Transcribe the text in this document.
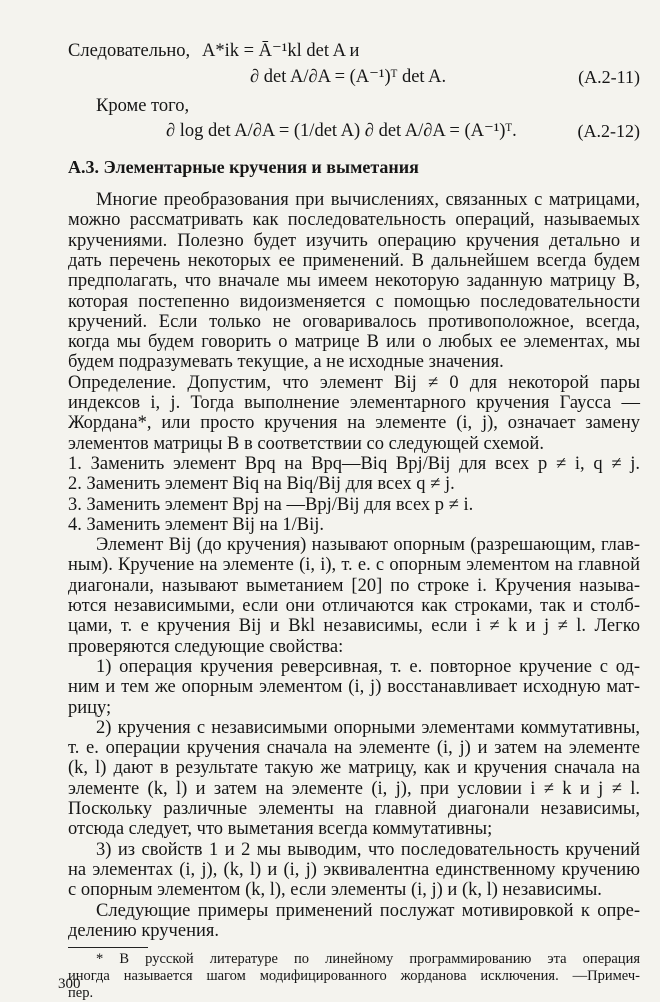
Следовательно, A*ik = Ā⁻¹kl det A и
∂ det A/∂A = (A⁻¹)ᵀ det A.	(A.2-11)
Кроме того,
∂ log det A/∂A = (1/det A) ∂ det A/∂A = (A⁻¹)ᵀ.	(A.2-12)
А.3. Элементарные кручения и выметания
Многие преобразования при вычислениях, связанных с матрицами,
можно рассматривать как последовательность операций, называемых
кручениями. Полезно будет изучить операцию кручения детально и
дать перечень некоторых ее применений. В дальнейшем всегда будем
предполагать, что вначале мы имеем некоторую заданную матрицу B,
которая постепенно видоизменяется с помощью последовательности
кручений. Если только не оговаривалось противоположное, всегда,
когда мы будем говорить о матрице B или о любых ее элементах, мы
будем подразумевать текущие, а не исходные значения.
Определение. Допустим, что элемент Bij ≠ 0 для некоторой пары
индексов i, j. Тогда выполнение элементарного кручения Гаусса —
Жордана*, или просто кручения на элементе (i, j), означает замену
элементов матрицы B в соответствии со следующей схемой.
1. Заменить элемент Bpq на Bpq—Biq Bpj/Bij для всех p ≠ i, q ≠ j.
2. Заменить элемент Biq на Biq/Bij для всех q ≠ j.
3. Заменить элемент Bpj на —Bpj/Bij для всех p ≠ i.
4. Заменить элемент Bij на 1/Bij.
Элемент Bij (до кручения) называют опорным (разрешающим, глав-
ным). Кручение на элементе (i, i), т. е. с опорным элементом на главной
диагонали, называют выметанием [20] по строке i. Кручения называ-
ются независимыми, если они отличаются как строками, так и столб-
цами, т. е кручения Bij и Bkl независимы, если i ≠ k и j ≠ l. Легко
проверяются следующие свойства:
1) операция кручения реверсивная, т. е. повторное кручение с од-
ним и тем же опорным элементом (i, j) восстанавливает исходную мат-
рицу;
2) кручения с независимыми опорными элементами коммутативны,
т. е. операции кручения сначала на элементе (i, j) и затем на элементе
(k, l) дают в результате такую же матрицу, как и кручения сначала на
элементе (k, l) и затем на элементе (i, j), при условии i ≠ k и j ≠ l.
Поскольку различные элементы на главной диагонали независимы,
отсюда следует, что выметания всегда коммутативны;
3) из свойств 1 и 2 мы выводим, что последовательность кручений
на элементах (i, j), (k, l) и (i, j) эквивалентна единственному кручению
с опорным элементом (k, l), если элементы (i, j) и (k, l) независимы.
Следующие примеры применений послужат мотивировкой к опре-
делению кручения.
* В русской литературе по линейному программированию эта операция
иногда называется шагом модифицированного жорданова исключения. —Примеч-
пер.
300
